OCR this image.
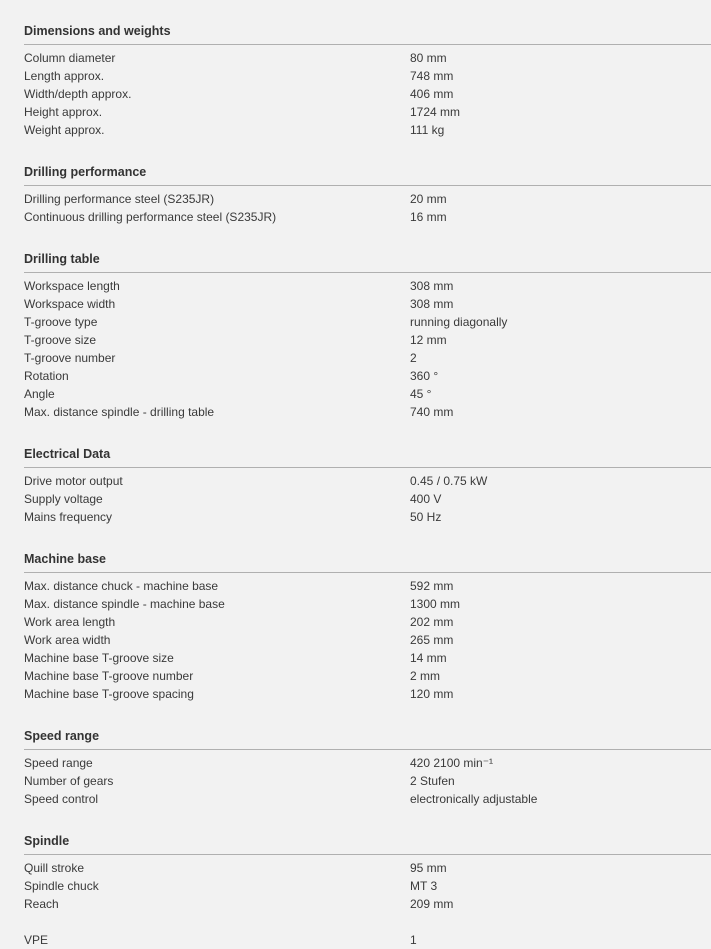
Dimensions and weights
Column diameter	80 mm
Length approx.	748 mm
Width/depth approx.	406 mm
Height approx.	1724 mm
Weight approx.	111 kg
Drilling performance
Drilling performance steel (S235JR)	20 mm
Continuous drilling performance steel (S235JR)	16 mm
Drilling table
Workspace length	308 mm
Workspace width	308 mm
T-groove type	running diagonally
T-groove size	12 mm
T-groove number	2
Rotation	360 °
Angle	45 °
Max. distance spindle - drilling table	740 mm
Electrical Data
Drive motor output	0.45 / 0.75 kW
Supply voltage	400 V
Mains frequency	50 Hz
Machine base
Max. distance chuck - machine base	592 mm
Max. distance spindle - machine base	1300 mm
Work area length	202 mm
Work area width	265 mm
Machine base T-groove size	14 mm
Machine base T-groove number	2 mm
Machine base T-groove spacing	120 mm
Speed range
Speed range	420 2100 min⁻¹
Number of gears	2 Stufen
Speed control	electronically adjustable
Spindle
Quill stroke	95 mm
Spindle chuck	MT 3
Reach	209 mm
VPE	1
